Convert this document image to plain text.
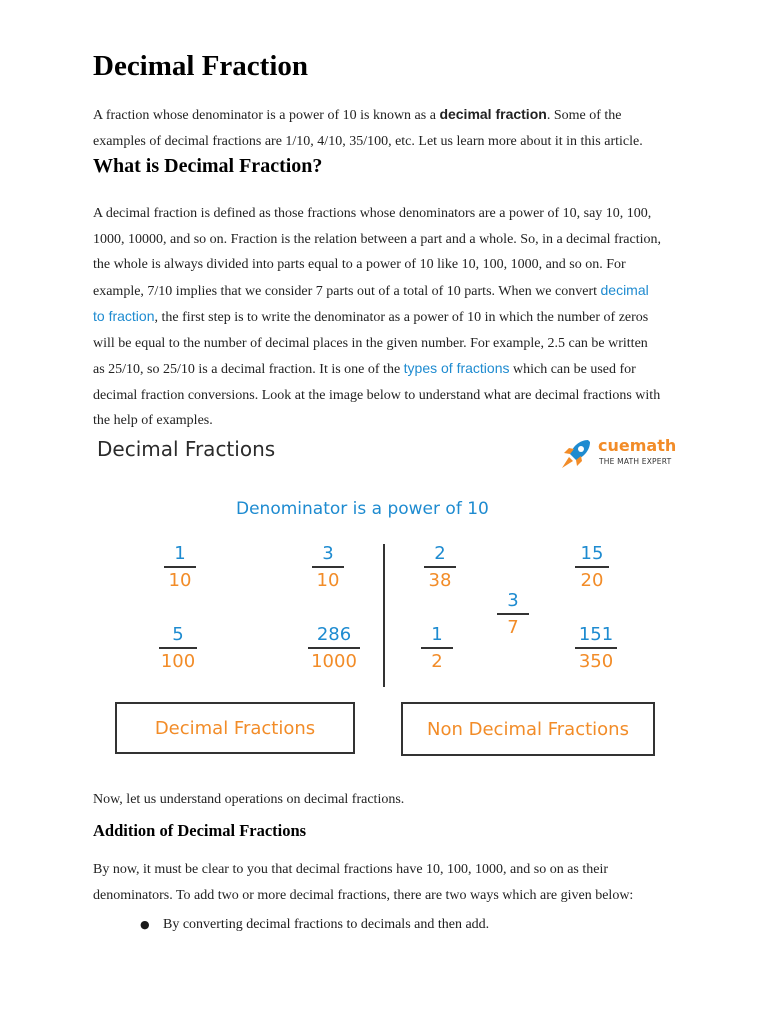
Decimal Fraction

A fraction whose denominator is a power of 10 is known as a decimal fraction. Some of the
examples of decimal fractions are 1/10, 4/10, 35/100, etc. Let us learn more about it in this article.

What is Decimal Fraction?

A decimal fraction is defined as those fractions whose denominators are a power of 10, say 10, 100,
1000, 10000, and so on. Fraction is the relation between a part and a whole. So, in a decimal fraction,
the whole is always divided into parts equal to a power of 10 like 10, 100, 1000, and so on. For
example, 7/10 implies that we consider 7 parts out of a total of 10 parts. When we convert decimal
to fraction, the first step is to write the denominator as a power of 10 in which the number of zeros
will be equal to the number of decimal places in the given number. For example, 2.5 can be written
as 25/10, so 25/10 is a decimal fraction. It is one of the types of fractions which can be used for
decimal fraction conversions. Look at the image below to understand what are decimal fractions with
the help of examples.

Now, let us understand operations on decimal fractions.

Addition of Decimal Fractions

By now, it must be clear to you that decimal fractions have 10, 100, 1000, and so on as their
denominators. To add two or more decimal fractions, there are two ways which are given below:

● By converting decimal fractions to decimals and then add.
Decimal Fractions	cuemath
THE MATH EXPERT
Denominator is a power of 10
1
10
3
10
5
100
286
1000
2
38
15
20
3
7
1
2
151
350
Decimal Fractions	Non Decimal Fractions
